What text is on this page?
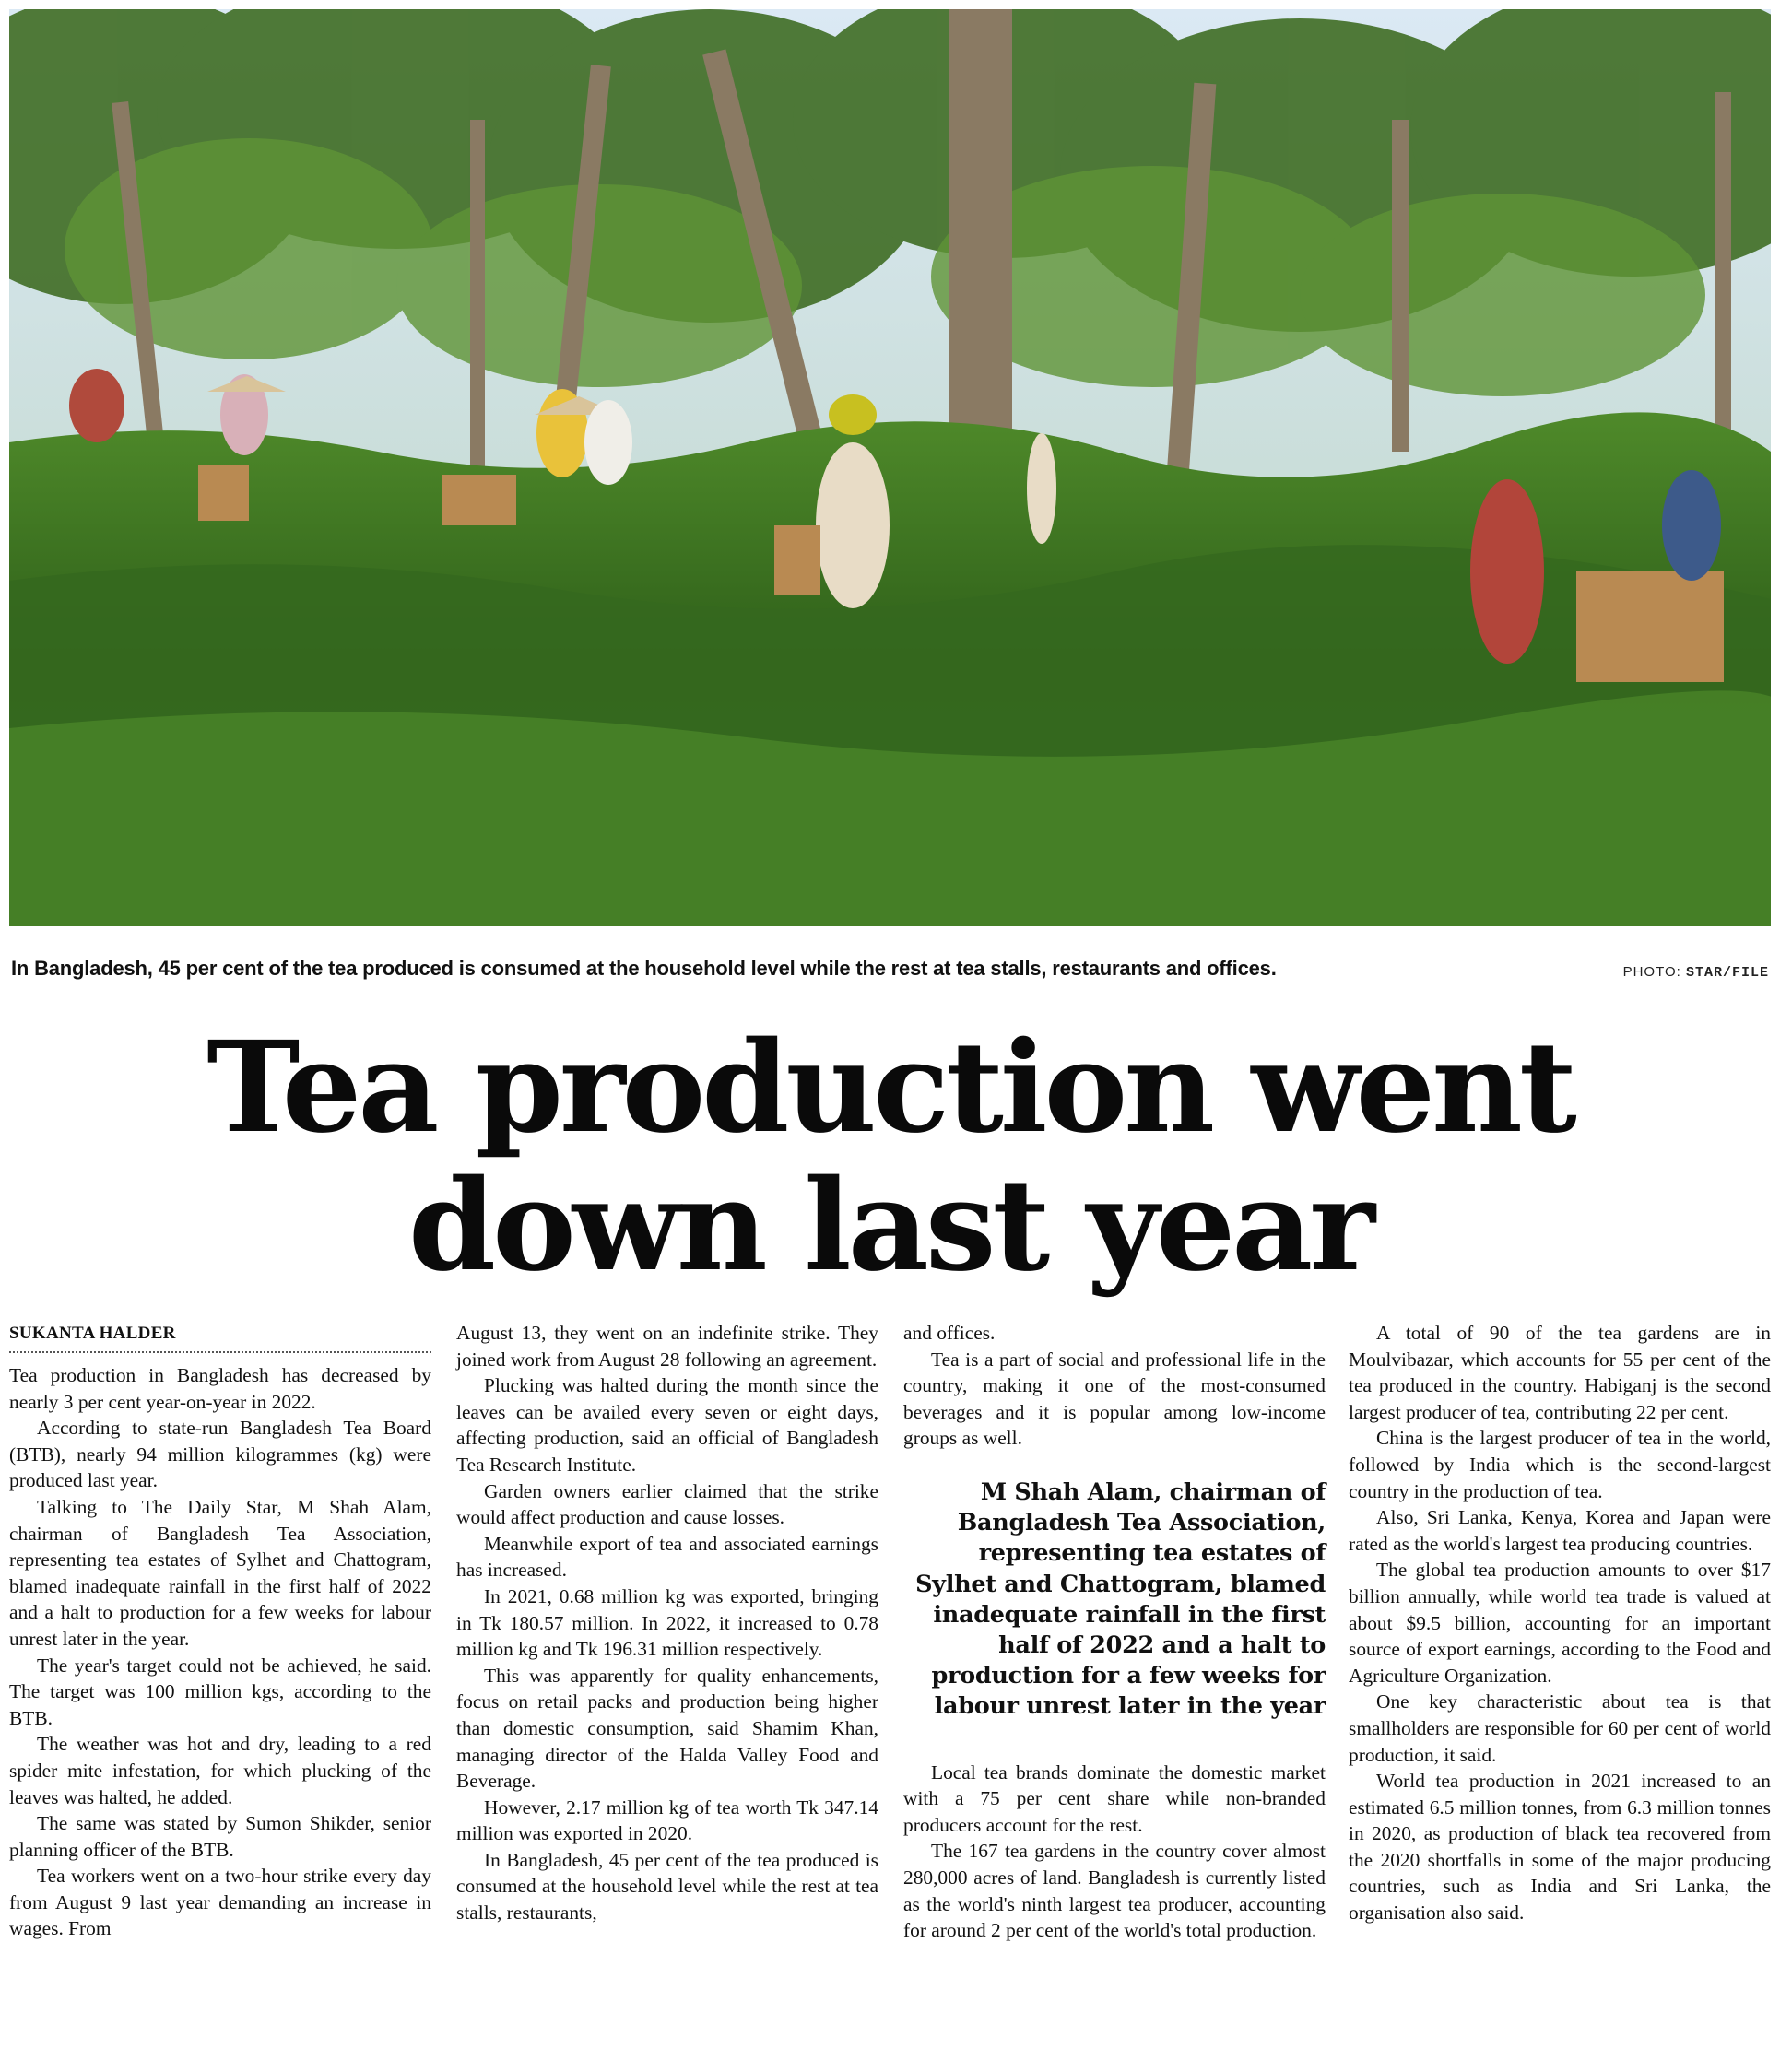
In Bangladesh, 45 per cent of the tea produced is consumed at the household level while the rest at tea stalls, restaurants and offices.	PHOTO: STAR/FILE
Tea production went
down last year
SUKANTA HALDER

Tea production in Bangladesh has decreased by nearly 3 per cent year-on-year in 2022.

According to state-run Bangladesh Tea Board (BTB), nearly 94 million kilogrammes (kg) were produced last year.

Talking to The Daily Star, M Shah Alam, chairman of Bangladesh Tea Association, representing tea estates of Sylhet and Chattogram, blamed inadequate rainfall in the first half of 2022 and a halt to production for a few weeks for labour unrest later in the year.

The year's target could not be achieved, he said. The target was 100 million kgs, according to the BTB.

The weather was hot and dry, leading to a red spider mite infestation, for which plucking of the leaves was halted, he added.

The same was stated by Sumon Shikder, senior planning officer of the BTB.

Tea workers went on a two-hour strike every day from August 9 last year demanding an increase in wages. From

August 13, they went on an indefinite strike. They joined work from August 28 following an agreement.

Plucking was halted during the month since the leaves can be availed every seven or eight days, affecting production, said an official of Bangladesh Tea Research Institute.

Garden owners earlier claimed that the strike would affect production and cause losses.

Meanwhile export of tea and associated earnings has increased.

In 2021, 0.68 million kg was exported, bringing in Tk 180.57 million. In 2022, it increased to 0.78 million kg and Tk 196.31 million respectively.

This was apparently for quality enhancements, focus on retail packs and production being higher than domestic consumption, said Shamim Khan, managing director of the Halda Valley Food and Beverage.

However, 2.17 million kg of tea worth Tk 347.14 million was exported in 2020.

In Bangladesh, 45 per cent of the tea produced is consumed at the household level while the rest at tea stalls, restaurants,

and offices.

Tea is a part of social and professional life in the country, making it one of the most-consumed beverages and it is popular among low-income groups as well.

M Shah Alam, chairman of Bangladesh Tea Association, representing tea estates of Sylhet and Chattogram, blamed inadequate rainfall in the first half of 2022 and a halt to production for a few weeks for labour unrest later in the year

Local tea brands dominate the domestic market with a 75 per cent share while non-branded producers account for the rest.

The 167 tea gardens in the country cover almost 280,000 acres of land. Bangladesh is currently listed as the world's ninth largest tea producer, accounting for around 2 per cent of the world's total production.

A total of 90 of the tea gardens are in Moulvibazar, which accounts for 55 per cent of the tea produced in the country. Habiganj is the second largest producer of tea, contributing 22 per cent.

China is the largest producer of tea in the world, followed by India which is the second-largest country in the production of tea.

Also, Sri Lanka, Kenya, Korea and Japan were rated as the world's largest tea producing countries.

The global tea production amounts to over $17 billion annually, while world tea trade is valued at about $9.5 billion, accounting for an important source of export earnings, according to the Food and Agriculture Organization.

One key characteristic about tea is that smallholders are responsible for 60 per cent of world production, it said.

World tea production in 2021 increased to an estimated 6.5 million tonnes, from 6.3 million tonnes in 2020, as production of black tea recovered from the 2020 shortfalls in some of the major producing countries, such as India and Sri Lanka, the organisation also said.
